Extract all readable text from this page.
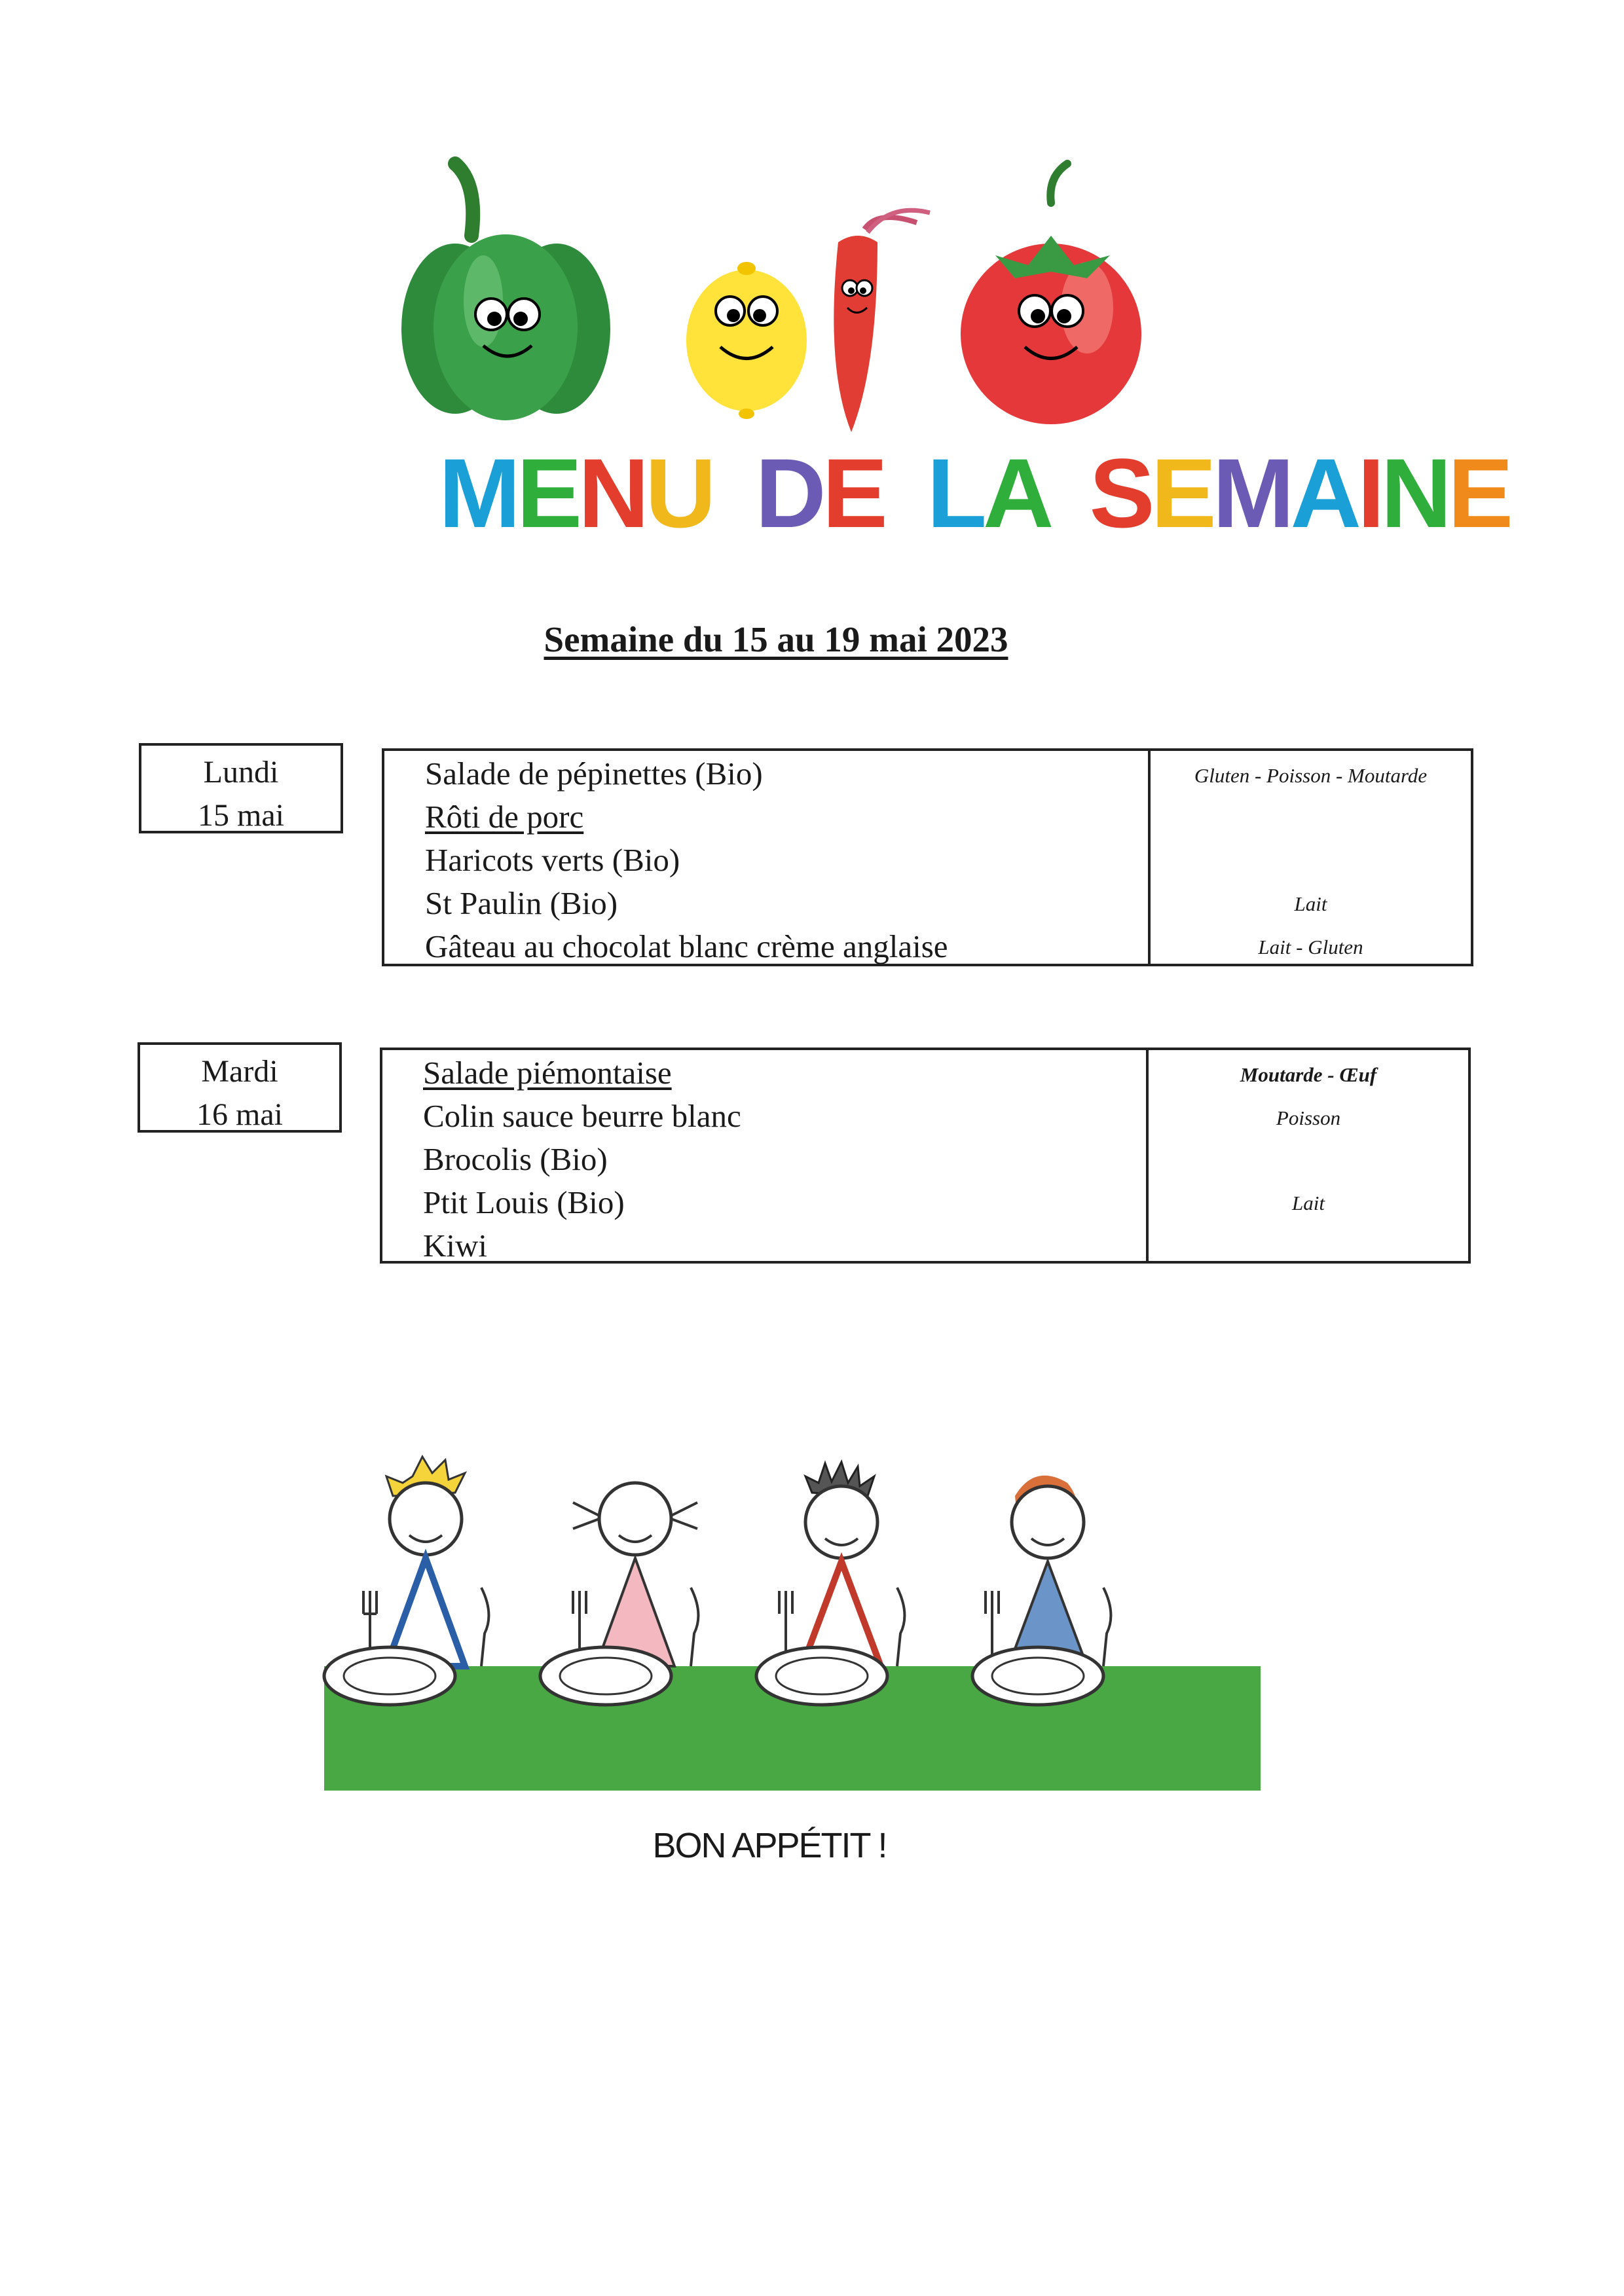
MENU DE LA SEMAINE
Semaine du 15 au 19 mai 2023
Lundi
15 mai
Salade de pépinettes (Bio)
Rôti de porc
Haricots verts (Bio)
St Paulin (Bio)
Gâteau au chocolat blanc crème anglaise
Gluten - Poisson - Moutarde
Lait
Lait - Gluten
Mardi
16 mai
Salade piémontaise
Colin sauce beurre blanc
Brocolis (Bio)
Ptit Louis (Bio)
Kiwi
Moutarde - Œuf
Poisson
Lait
BON APPÉTIT !
